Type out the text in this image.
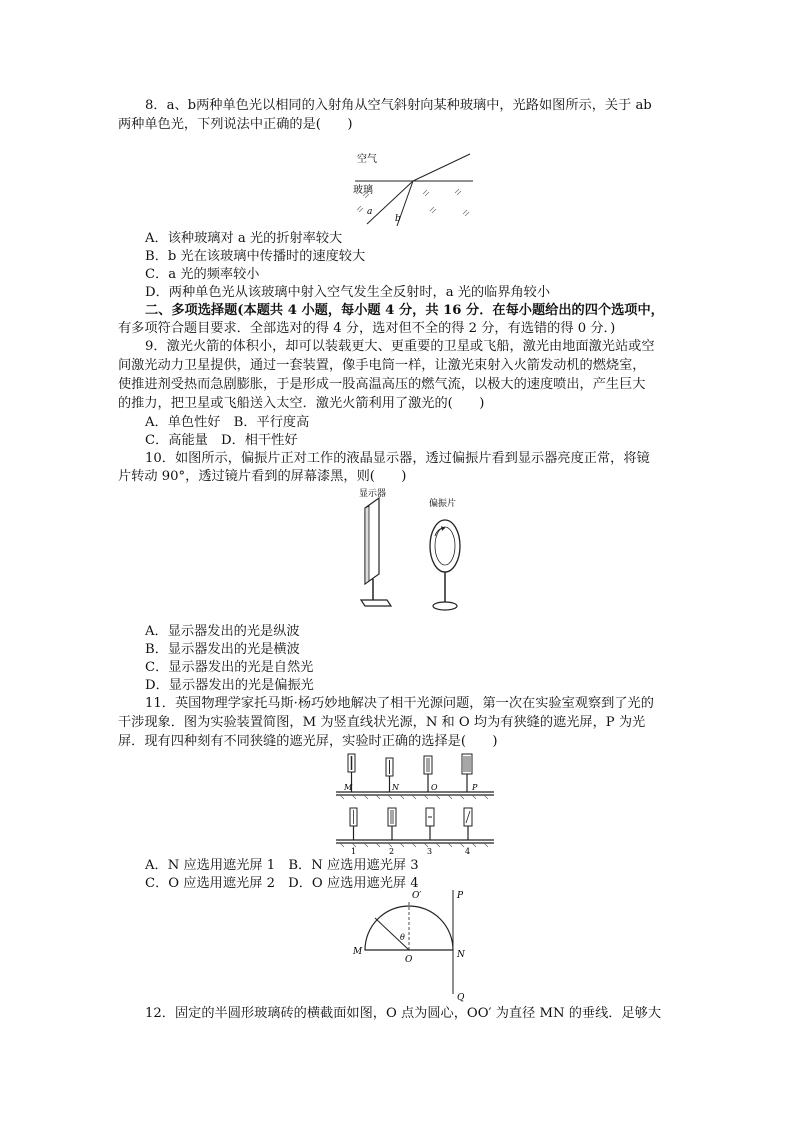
8．a、b两种单色光以相同的入射角从空气斜射向某种玻璃中，光路如图所示，关于 ab
两种单色光，下列说法中正确的是(　　)
空气
玻璃
a
b
A．该种玻璃对 a 光的折射率较大
B．b 光在该玻璃中传播时的速度较大
C．a 光的频率较小
D．两种单色光从该玻璃中射入空气发生全反射时，a 光的临界角较小
二、多项选择题(本题共 4 小题，每小题 4 分，共 16 分．在每小题给出的四个选项中，
有多项符合题目要求．全部选对的得 4 分，选对但不全的得 2 分，有选错的得 0 分．)
9．激光火箭的体积小，却可以装载更大、更重要的卫星或飞船，激光由地面激光站或空
间激光动力卫星提供，通过一套装置，像手电筒一样，让激光束射入火箭发动机的燃烧室，
使推进剂受热而急剧膨胀，于是形成一股高温高压的燃气流，以极大的速度喷出，产生巨大
的推力，把卫星或飞船送入太空．激光火箭利用了激光的(　　)
A．单色性好　B．平行度高
C．高能量　D．相干性好
10．如图所示，偏振片正对工作的液晶显示器，透过偏振片看到显示器亮度正常，将镜
片转动 90°，透过镜片看到的屏幕漆黑，则(　　)
显示器
偏振片
A．显示器发出的光是纵波
B．显示器发出的光是横波
C．显示器发出的光是自然光
D．显示器发出的光是偏振光
11．英国物理学家托马斯·杨巧妙地解决了相干光源问题，第一次在实验室观察到了光的
干涉现象．图为实验装置简图，M 为竖直线状光源，N 和 O 均为有狭缝的遮光屏，P 为光
屏．现有四种刻有不同狭缝的遮光屏，实验时正确的选择是(　　)
M	N	O	P
1	2	3	4
A．N 应选用遮光屏 1　B．N 应选用遮光屏 3
C．O 应选用遮光屏 2　D．O 应选用遮光屏 4
O′	P
θ
M
O	N
Q
12．固定的半圆形玻璃砖的横截面如图，O 点为圆心，OO′ 为直径 MN 的垂线．足够大
